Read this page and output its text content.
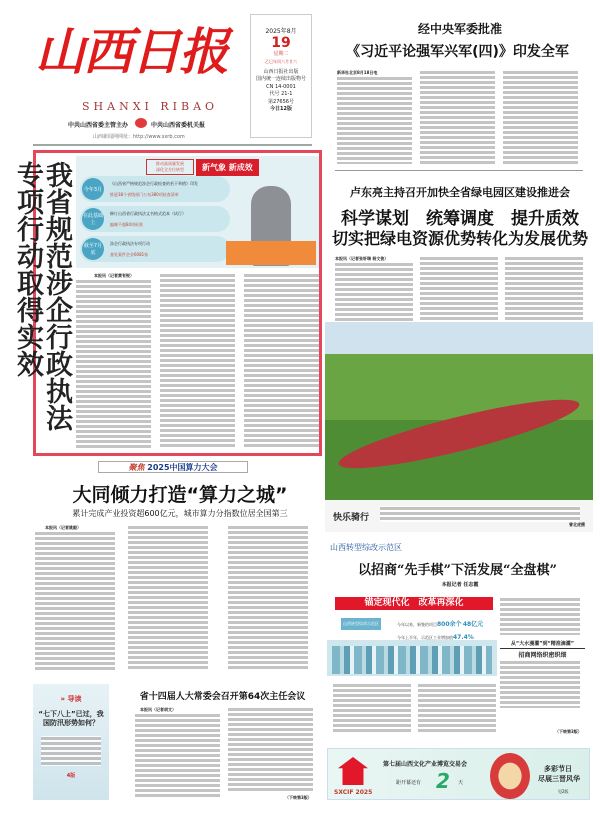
山西日报
SHANXI RIBAO
中共山西省委主管主办	中共山西省委机关报
山西新闻网网址：http://www.sxrb.com
2025年8月
19
星期二
乙巳年闰六月廿六
山西日报社出版
国内统一连续出版物号
CN 14-0001
代号 21-1
第27656号
今日12版
经中央军委批准
《习近平论强军兴军(四)》印发全军
新华社北京8月18日电
卢东亮主持召开加快全省绿电园区建设推进会
科学谋划　统筹调度　提升质效
切实把绿电资源优势转化为发展优势
本报讯（记者张轩瑞 杨文俊）
快乐骑行
曾北虎摄
我省规范涉企行政执法专项行动取得实效	推动高质量发展
深化全方位转型	新气象 新成效
今年3月
《山西省严格规范涉企行政检查的若干举措》印发
推进38个省级部门公布380项检查清单
在此基础上
修订山西省行政执法文书格式范本（试行）
编制不超84项标准
截至7月底
涉企行政执法专项行动
查处案件企业6081家
本报讯（记者黄有锐）
聚焦 2025中国算力大会
大同倾力打造“算力之城”
累计完成产业投资超600亿元，城市算力分指数位居全国第三
本报讯（记者姚毅）
山西转型综改示范区
以招商“先手棋”下活发展“全盘棋”
本报记者 任志霞
锚定现代化　改革再深化
山西转型综改示范区	今年以来，新签约项目800余个 48亿元
今年上半年，示范区工业增加值47.4%
从“大水漫灌”到“精准滴灌”
招商网络织密织细
（下转第3版）
SXCIF 2025
第七届山西文化产业博览交易会
距开幕还有 2 天
多彩节日
尽展三晋风华
见2版
» 导读
“七下八上”已过，我国防汛形势如何？
4版
省十四届人大常委会召开第64次主任会议
本报讯（记者胡文）
（下转第3版）
